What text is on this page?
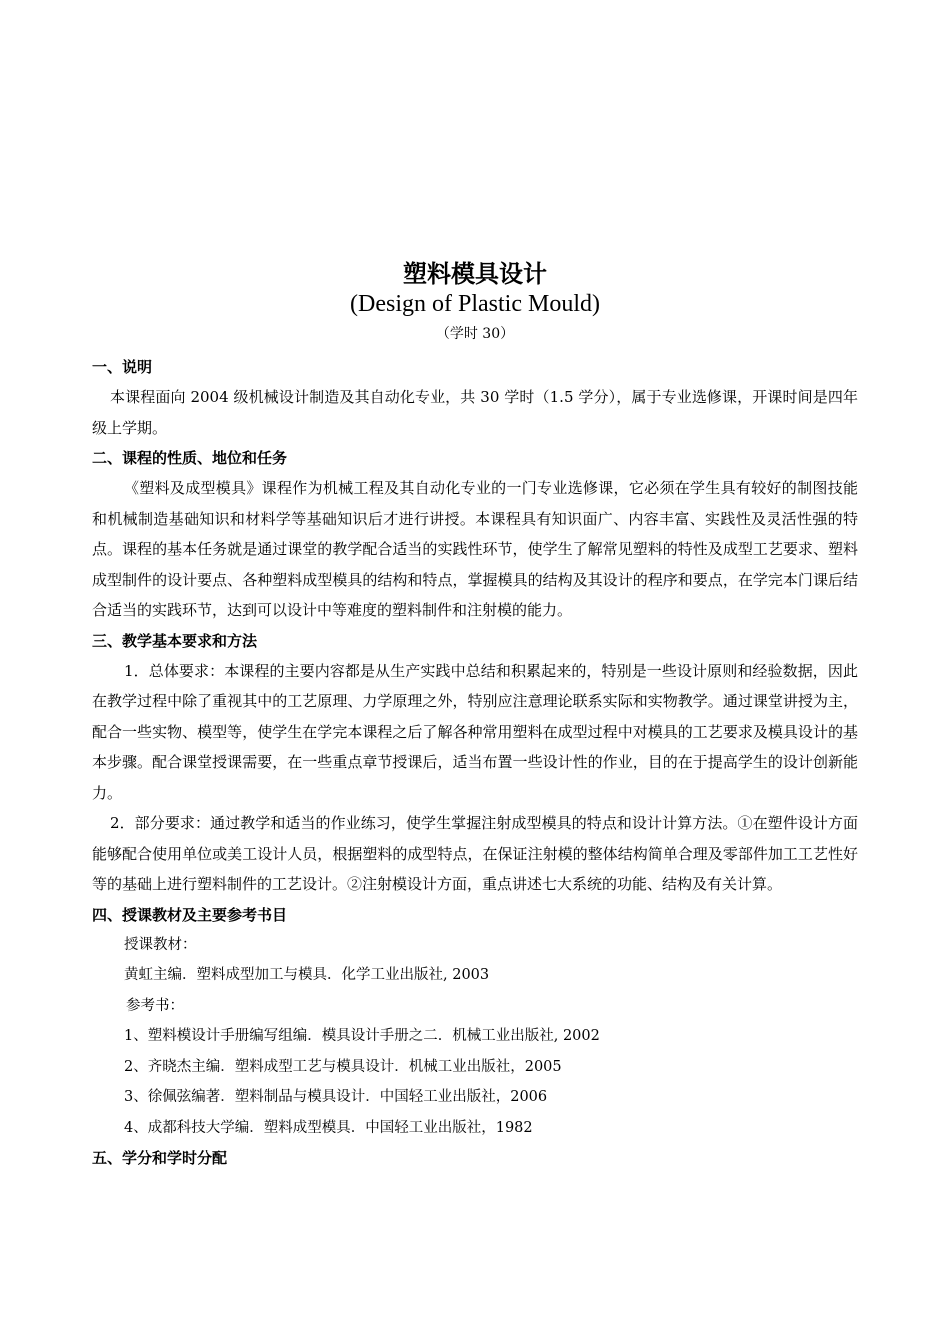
塑料模具设计
(Design of Plastic Mould)
（学时 30）
一、说明

本课程面向 2004 级机械设计制造及其自动化专业，共 30 学时（1.5 学分），属于专业选修课，开课时间是四年级上学期。

二、课程的性质、地位和任务

《塑料及成型模具》课程作为机械工程及其自动化专业的一门专业选修课，它必须在学生具有较好的制图技能和机械制造基础知识和材料学等基础知识后才进行讲授。本课程具有知识面广、内容丰富、实践性及灵活性强的特点。课程的基本任务就是通过课堂的教学配合适当的实践性环节，使学生了解常见塑料的特性及成型工艺要求、塑料成型制件的设计要点、各种塑料成型模具的结构和特点，掌握模具的结构及其设计的程序和要点，在学完本门课后结合适当的实践环节，达到可以设计中等难度的塑料制件和注射模的能力。

三、教学基本要求和方法

1．总体要求：本课程的主要内容都是从生产实践中总结和积累起来的，特别是一些设计原则和经验数据，因此在教学过程中除了重视其中的工艺原理、力学原理之外，特别应注意理论联系实际和实物教学。通过课堂讲授为主，配合一些实物、模型等，使学生在学完本课程之后了解各种常用塑料在成型过程中对模具的工艺要求及模具设计的基本步骤。配合课堂授课需要，在一些重点章节授课后，适当布置一些设计性的作业，目的在于提高学生的设计创新能力。

2．部分要求：通过教学和适当的作业练习，使学生掌握注射成型模具的特点和设计计算方法。①在塑件设计方面能够配合使用单位或美工设计人员，根据塑料的成型特点，在保证注射模的整体结构简单合理及零部件加工工艺性好等的基础上进行塑料制件的工艺设计。②注射模设计方面，重点讲述七大系统的功能、结构及有关计算。

四、授课教材及主要参考书目
授课教材：
黄虹主编．塑料成型加工与模具．化学工业出版社, 2003
参考书：
1、塑料模设计手册编写组编．模具设计手册之二．机械工业出版社, 2002
2、齐晓杰主编．塑料成型工艺与模具设计．机械工业出版社，2005
3、徐佩弦编著．塑料制品与模具设计．中国轻工业出版社，2006
4、成都科技大学编．塑料成型模具．中国轻工业出版社，1982
五、学分和学时分配
